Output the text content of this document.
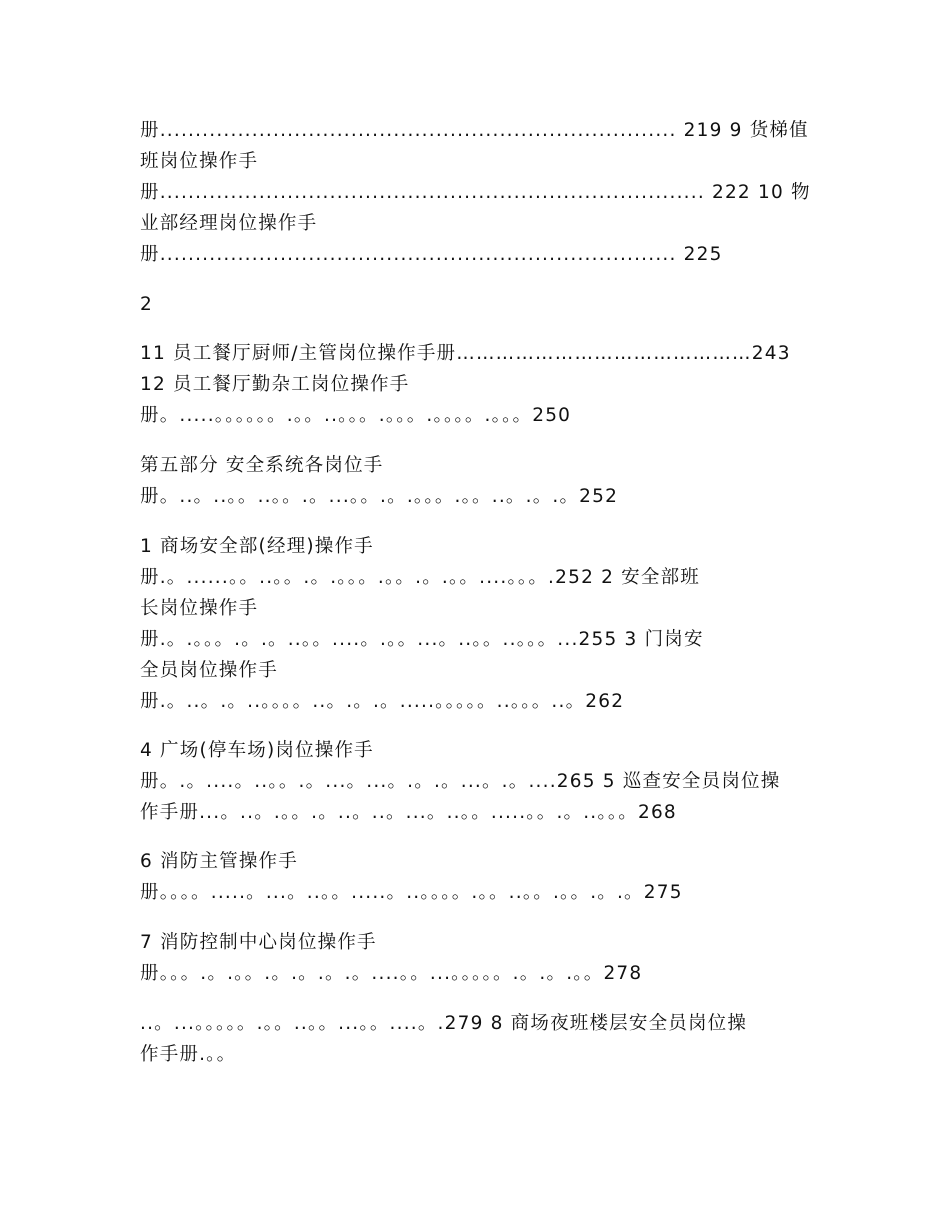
册......................................................................... 219 9 货梯值
班岗位操作手
册............................................................................. 222 10 物
业部经理岗位操作手
册......................................................................... 225
2
11 员工餐厅厨师/主管岗位操作手册………………………………………243
12 员工餐厅勤杂工岗位操作手
册。.....。。。。。。.。。..。。。.。。。.。。。。.。。。250
第五部分 安全系统各岗位手
册。..。..。。..。。.。...。。.。.。。。.。。..。.。.。252
1 商场安全部(经理)操作手
册.。......。。..。。.。.。。。.。。.。.。。....。。。.252 2 安全部班
长岗位操作手
册.。.。。。.。.。..。。....。.。。...。..。。..。。。...255 3 门岗安
全员岗位操作手
册.。..。.。..。。。。..。.。.。.....。。。。。..。。。..。262
4 广场(停车场)岗位操作手
册。.。....。..。。.。...。...。.。.。...。.。....265 5 巡查安全员岗位操
作手册...。..。.。。.。..。..。...。..。。.....。。.。..。。。268
6 消防主管操作手
册。。。。.....。...。..。。.....。..。。。。.。。..。。.。。.。.。275
7 消防控制中心岗位操作手
册。。。.。.。。.。.。.。.。....。。...。。。。。.。.。.。。278
..。...。。。。。.。。..。。...。。....。.279 8 商场夜班楼层安全员岗位操
作手册.。。
